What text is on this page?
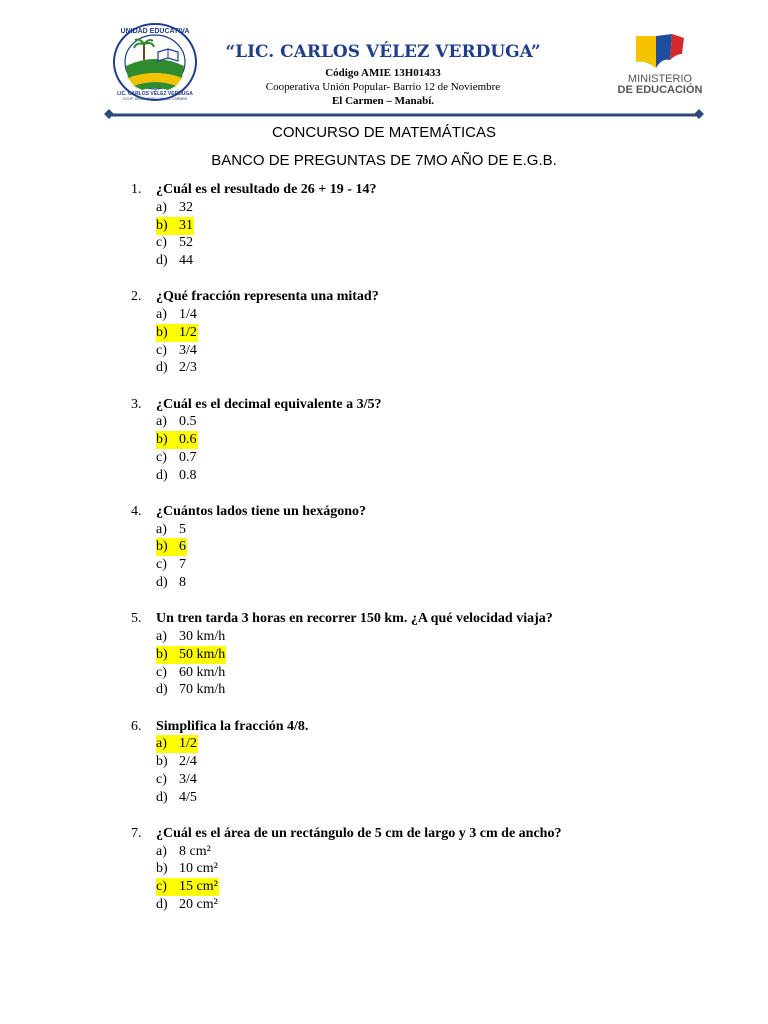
UNIDAD EDUCATIVA
LIC. CARLOS VÉLEZ VERDUGA
COOP. UNIÓN POPULAR - EL CARMEN
“LIC. CARLOS VÉLEZ VERDUGA”
Código AMIE 13H01433
Cooperativa Unión Popular- Barrio 12 de Noviembre
El Carmen – Manabí.
MINISTERIO
DE EDUCACIÓN
CONCURSO DE MATEMÁTICAS
BANCO DE PREGUNTAS DE 7MO AÑO DE E.G.B.
1. ¿Cuál es el resultado de 26 + 19 - 14?
a) 32
b) 31
c) 52
d) 44
2. ¿Qué fracción representa una mitad?
a) 1/4
b) 1/2
c) 3/4
d) 2/3
3. ¿Cuál es el decimal equivalente a 3/5?
a) 0.5
b) 0.6
c) 0.7
d) 0.8
4. ¿Cuántos lados tiene un hexágono?
a) 5
b) 6
c) 7
d) 8
5. Un tren tarda 3 horas en recorrer 150 km. ¿A qué velocidad viaja?
a) 30 km/h
b) 50 km/h
c) 60 km/h
d) 70 km/h
6. Simplifica la fracción 4/8.
a) 1/2
b) 2/4
c) 3/4
d) 4/5
7. ¿Cuál es el área de un rectángulo de 5 cm de largo y 3 cm de ancho?
a) 8 cm²
b) 10 cm²
c) 15 cm²
d) 20 cm²
